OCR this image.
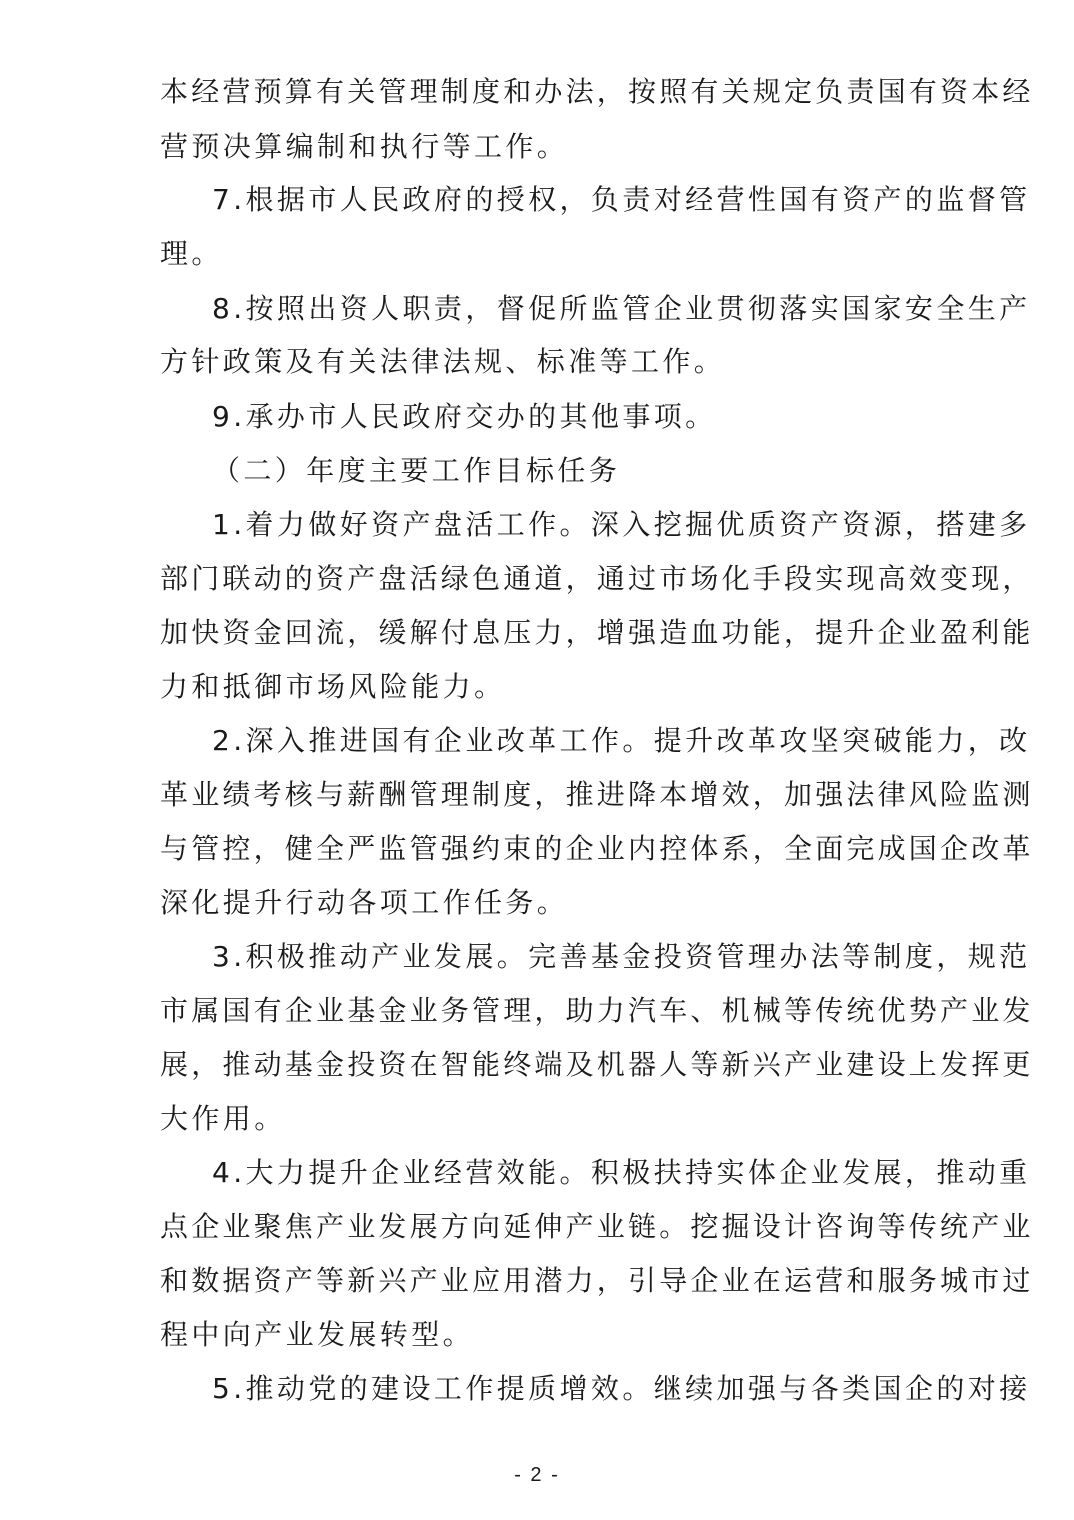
本经营预算有关管理制度和办法，按照有关规定负责国有资本经
营预决算编制和执行等工作。
7.根据市人民政府的授权，负责对经营性国有资产的监督管
理。
8.按照出资人职责，督促所监管企业贯彻落实国家安全生产
方针政策及有关法律法规、标准等工作。
9.承办市人民政府交办的其他事项。
（二）年度主要工作目标任务
1.着力做好资产盘活工作。深入挖掘优质资产资源，搭建多
部门联动的资产盘活绿色通道，通过市场化手段实现高效变现，
加快资金回流，缓解付息压力，增强造血功能，提升企业盈利能
力和抵御市场风险能力。
2.深入推进国有企业改革工作。提升改革攻坚突破能力，改
革业绩考核与薪酬管理制度，推进降本增效，加强法律风险监测
与管控，健全严监管强约束的企业内控体系，全面完成国企改革
深化提升行动各项工作任务。
3.积极推动产业发展。完善基金投资管理办法等制度，规范
市属国有企业基金业务管理，助力汽车、机械等传统优势产业发
展，推动基金投资在智能终端及机器人等新兴产业建设上发挥更
大作用。
4.大力提升企业经营效能。积极扶持实体企业发展，推动重
点企业聚焦产业发展方向延伸产业链。挖掘设计咨询等传统产业
和数据资产等新兴产业应用潜力，引导企业在运营和服务城市过
程中向产业发展转型。
5.推动党的建设工作提质增效。继续加强与各类国企的对接
- 2 -
